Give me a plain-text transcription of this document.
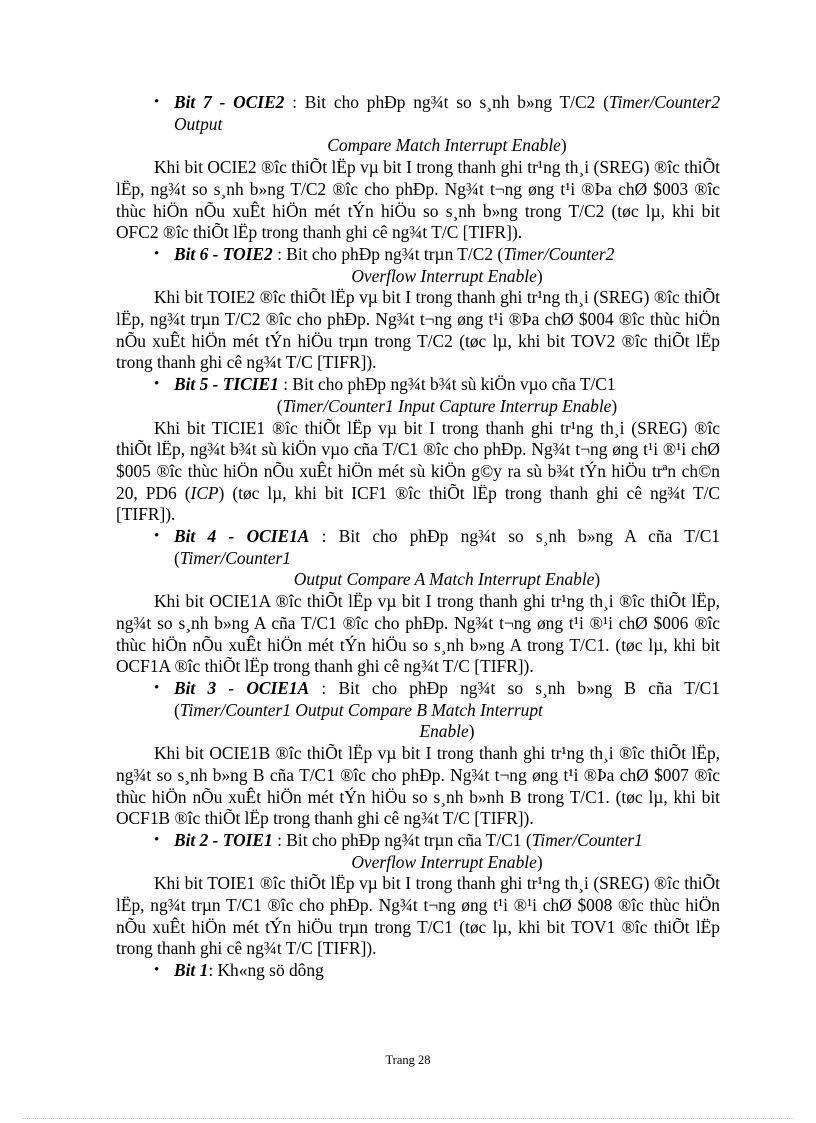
• Bit 7 - OCIE2 : Bit cho phĐp ng¾t so s¸nh b»ng T/C2 (Timer/Counter2 Output
Compare Match Interrupt Enable)

Khi bit OCIE2 ®îc thiÕt lËp vµ bit I trong thanh ghi tr¹ng th¸i (SREG) ®îc thiÕt lËp, ng¾t so s¸nh b»ng T/C2 ®îc cho phĐp. Ng¾t t¬ng øng t¹i ®Þa chØ $003 ®îc thùc hiÖn nÕu xuÊt hiÖn mét tÝn hiÖu so s¸nh b»ng trong T/C2 (tøc lµ, khi bit OFC2 ®îc thiÕt lËp trong thanh ghi cê ng¾t T/C [TIFR]).

• Bit 6 - TOIE2 : Bit cho phĐp ng¾t trµn T/C2 (Timer/Counter2
Overflow Interrupt Enable)

Khi bit TOIE2 ®îc thiÕt lËp vµ bit I trong thanh ghi tr¹ng th¸i (SREG) ®îc thiÕt lËp, ng¾t trµn T/C2 ®îc cho phĐp. Ng¾t t¬ng øng t¹i ®Þa chØ $004 ®îc thùc hiÖn nÕu xuÊt hiÖn mét tÝn hiÖu trµn trong T/C2 (tøc lµ, khi bit TOV2 ®îc thiÕt lËp trong thanh ghi cê ng¾t T/C [TIFR]).

• Bit 5 - TICIE1 : Bit cho phĐp ng¾t b¾t sù kiÖn vµo cña T/C1
(Timer/Counter1 Input Capture Interrup Enable)

Khi bit TICIE1 ®îc thiÕt lËp vµ bit I trong thanh ghi tr¹ng th¸i (SREG) ®îc thiÕt lËp, ng¾t b¾t sù kiÖn vµo cña T/C1 ®îc cho phĐp. Ng¾t t¬ng øng t¹i ®¹i chØ $005 ®îc thùc hiÖn nÕu xuÊt hiÖn mét sù kiÖn g©y ra sù b¾t tÝn hiÖu trªn ch©n 20, PD6 (ICP) (tøc lµ, khi bit ICF1 ®îc thiÕt lËp trong thanh ghi cê ng¾t T/C [TIFR]).

• Bit 4 - OCIE1A : Bit cho phĐp ng¾t so s¸nh b»ng A cña T/C1 (Timer/Counter1
Output Compare A Match Interrupt Enable)

Khi bit OCIE1A ®îc thiÕt lËp vµ bit I trong thanh ghi tr¹ng th¸i ®îc thiÕt lËp, ng¾t so s¸nh b»ng A cña T/C1 ®îc cho phĐp. Ng¾t t¬ng øng t¹i ®¹i chØ $006 ®îc thùc hiÖn nÕu xuÊt hiÖn mét tÝn hiÖu so s¸nh b»ng A trong T/C1. (tøc lµ, khi bit OCF1A ®îc thiÕt lËp trong thanh ghi cê ng¾t T/C [TIFR]).

• Bit 3 - OCIE1A : Bit cho phĐp ng¾t so s¸nh b»ng B cña T/C1 (Timer/Counter1 Output Compare B Match Interrupt
Enable)

Khi bit OCIE1B ®îc thiÕt lËp vµ bit I trong thanh ghi tr¹ng th¸i ®îc thiÕt lËp, ng¾t so s¸nh b»ng B cña T/C1 ®îc cho phĐp. Ng¾t t¬ng øng t¹i ®Þa chØ $007 ®îc thùc hiÖn nÕu xuÊt hiÖn mét tÝn hiÖu so s¸nh b»nh B trong T/C1. (tøc lµ, khi bit OCF1B ®îc thiÕt lËp trong thanh ghi cê ng¾t T/C [TIFR]).

• Bit 2 - TOIE1 : Bit cho phĐp ng¾t trµn cña T/C1 (Timer/Counter1
Overflow Interrupt Enable)

Khi bit TOIE1 ®îc thiÕt lËp vµ bit I trong thanh ghi tr¹ng th¸i (SREG) ®îc thiÕt lËp, ng¾t trµn T/C1 ®îc cho phĐp. Ng¾t t¬ng øng t¹i ®¹i chØ $008 ®îc thùc hiÖn nÕu xuÊt hiÖn mét tÝn hiÖu trµn trong T/C1 (tøc lµ, khi bit TOV1 ®îc thiÕt lËp trong thanh ghi cê ng¾t T/C [TIFR]).

• Bit 1: Kh«ng sö dông
Trang 28
